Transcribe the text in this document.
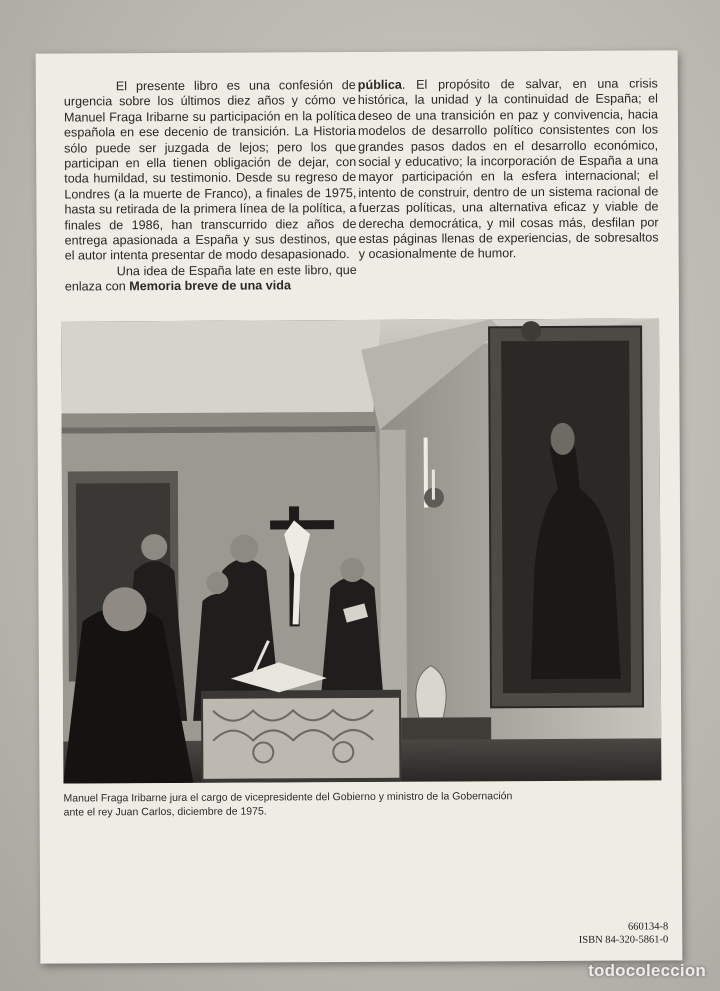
El presente libro es una confesión de urgencia sobre los últimos diez años y cómo ve Manuel Fraga Iribarne su participación en la política española en ese decenio de transición. La Historia sólo puede ser juzgada de lejos; pero los que participan en ella tienen obligación de dejar, con toda humildad, su testimonio. Desde su regreso de Londres (a la muerte de Franco), a finales de 1975, hasta su retirada de la primera línea de la política, a finales de 1986, han transcurrido diez años de entrega apasionada a España y sus destinos, que el autor intenta presentar de modo desapasionado.

Una idea de España late en este libro, que enlaza con Memoria breve de una vida

pública. El propósito de salvar, en una crisis histórica, la unidad y la continuidad de España; el deseo de una transición en paz y convivencia, hacia modelos de desarrollo político consistentes con los grandes pasos dados en el desarrollo económico, social y educativo; la incorporación de España a una mayor participación en la esfera internacional; el intento de construir, dentro de un sistema racional de fuerzas políticas, una alternativa eficaz y viable de derecha democrática, y mil cosas más, desfilan por estas páginas llenas de experiencias, de sobresaltos y ocasionalmente de humor.

Manuel Fraga Iribarne jura el cargo de vicepresidente del Gobierno y ministro de la Gobernación
ante el rey Juan Carlos, diciembre de 1975.
660134-8
ISBN 84-320-5861-0
todocoleccion
